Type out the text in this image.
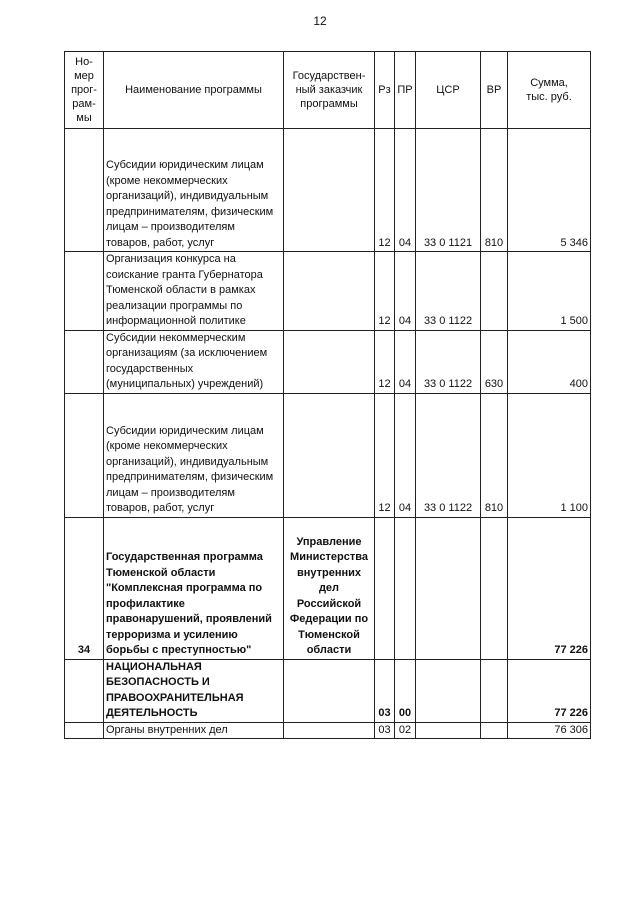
12
Но-
мер
прог-
рам-
мы	Наименование программы	Государствен-
ный заказчик
программы	Рз	ПР	ЦСР	ВР	Сумма,
тыс. руб.
	Субсидии юридическим лицам (кроме некоммерческих организаций), индивидуальным предпринимателям, физическим лицам – производителям товаров, работ, услуг		12	04	33 0 1121	810	5 346
	Организация конкурса на соискание гранта Губернатора Тюменской области в рамках реализации программы по информационной политике		12	04	33 0 1122		1 500
	Субсидии некоммерческим организациям (за исключением государственных (муниципальных) учреждений)		12	04	33 0 1122	630	400
	Субсидии юридическим лицам (кроме некоммерческих организаций), индивидуальным предпринимателям, физическим лицам – производителям товаров, работ, услуг		12	04	33 0 1122	810	1 100
34	Государственная программа Тюменской области "Комплексная программа по профилактике правонарушений, проявлений терроризма и усилению борьбы с преступностью"	Управление Министерства внутренних дел Российской Федерации по Тюменской области					77 226
	НАЦИОНАЛЬНАЯ БЕЗОПАСНОСТЬ И ПРАВООХРАНИТЕЛЬНАЯ ДЕЯТЕЛЬНОСТЬ		03	00			77 226
	Органы внутренних дел		03	02			76 306
